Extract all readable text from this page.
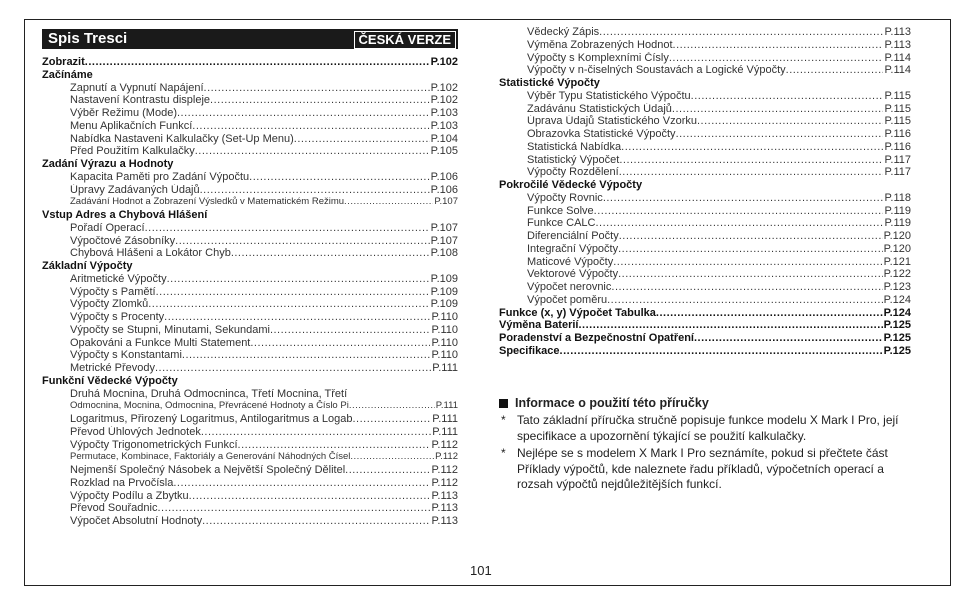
Spis Tresci	ČESKÁ VERZE
Zobrazit .....	P.102
Začínáme
Zapnutí a Vypnutí Napájení .....	P.102
Nastavení Kontrastu displeje .....	P.102
Výběr Režimu (Mode) .....	P.103
Menu Aplikačních Funkcí .....	P.103
Nabídka Nastaveni Kalkulačky (Set-Up Menu) .....	P.104
Před Použitím Kalkulačky .....	P.105
Zadání Výrazu a Hodnoty
Kapacita Paměti pro Zadání Výpočtu .....	P.106
Úpravy Zadávaných Údajů .....	P.106
Zadávání Hodnot a Zobrazení Výsledků v Matematickém Režimu .....	P.107
Vstup Adres a Chybová Hlášení
Pořadí Operací .....	P.107
Výpočtové Zásobníky .....	P.107
Chybová Hlášeni a Lokátor Chyb .....	P.108
Základní Výpočty
Aritmetické Výpočty .....	P.109
Výpočty s Pamětí .....	P.109
Výpočty Zlomků .....	P.109
Výpočty s Procenty .....	P.110
Výpočty se Stupni, Minutami, Sekundami .....	P.110
Opakováni a Funkce Multi Statement .....	P.110
Výpočty s Konstantami .....	P.110
Metrické Převody .....	P.111
Funkční Vědecké Výpočty
Druhá Mocnina, Druhá Odmocninca, Třetí Mocnina, Třetí
Odmocnina, Mocnina, Odmocnina, Převrácené Hodnoty a Číslo Pi .....	P.111
Logaritmus, Přirozený Logaritmus, Antilogaritmus a Logab .....	P.111
Převod Úhlových Jednotek .....	P.111
Výpočty Trigonometrických Funkcí .....	P.112
Permutace, Kombinace, Faktoriály a Generování Náhodných Čísel .....	P.112
Nejmenší Společný Násobek a Největší Společný Dělitel .....	P.112
Rozklad na Prvočísla .....	P.112
Výpočty Podílu a Zbytku .....	P.113
Převod Souřadnic .....	P.113
Výpočet Absolutní Hodnoty .....	P.113
Vědecký Zápis .....	P.113
Výměna Zobrazených Hodnot .....	P.113
Výpočty s Komplexními Čísly .....	P.114
Výpočty v n-čiselných Soustavách a Logické Výpočty .....	P.114
Statistické Výpočty
Výběr Typu Statistického Výpočtu .....	P.115
Zadávánu Statistických Údajů .....	P.115
Úprava Údajů Statistického Vzorku .....	P.115
Obrazovka Statistické Výpočty .....	P.116
Statistická Nabídka .....	P.116
Statistický Výpočet .....	P.117
Výpočty Rozdělení .....	P.117
Pokročilé Vědecké Výpočty
Výpočty Rovnic .....	P.118
Funkce Solve .....	P.119
Funkce CALC .....	P.119
Diferenciální Počty .....	P.120
Integrační Výpočty .....	P.120
Maticové Výpočty .....	P.121
Vektorové Výpočty .....	P.122
Výpočet nerovnic .....	P.123
Výpočet poměru .....	P.124
Funkce (x, y) Výpočet Tabulka .....	P.124
Výměna Baterií .....	P.125
Poradenství a Bezpečnostní Opatření .....	P.125
Specifikace .....	P.125
Informace o použití této příručky
* Tato základní příručka stručně popisuje funkce modelu X Mark I Pro, její specifikace a upozornění týkající se použití kalkulačky.
* Nejlépe se s modelem X Mark I Pro seznámíte, pokud si přečtete část Příklady výpočtů, kde naleznete řadu příkladů, výpočetních operací a rozsah výpočtů nejdůležitějších funkcí.
101
